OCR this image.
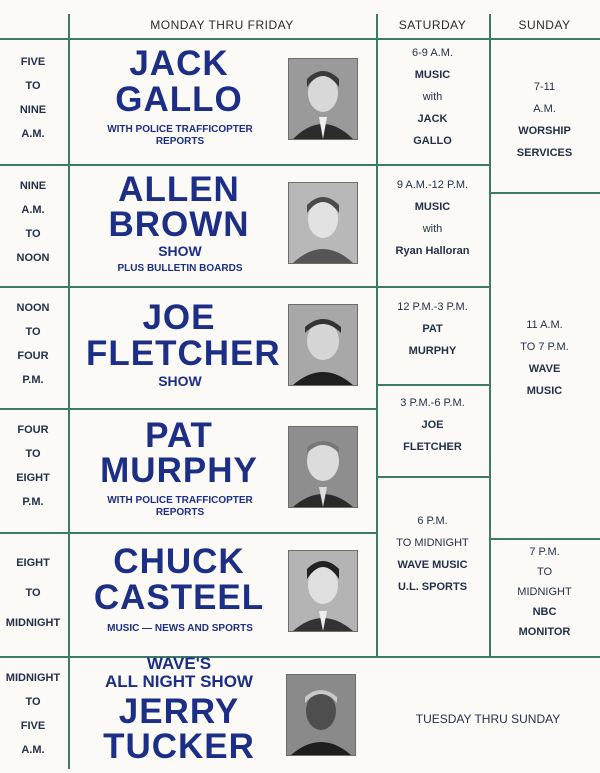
MONDAY THRU FRIDAY	SATURDAY	SUNDAY
FIVE
TO
NINE
A.M.
JACK
GALLO
WITH POLICE TRAFFICOPTER REPORTS
NINE
A.M.
TO
NOON
ALLEN
BROWN
SHOW
PLUS BULLETIN BOARDS
NOON
TO
FOUR
P.M.
JOE
FLETCHER
SHOW
FOUR
TO
EIGHT
P.M.
PAT
MURPHY
WITH POLICE TRAFFICOPTER REPORTS
EIGHT
TO
MIDNIGHT
CHUCK
CASTEEL
MUSIC — NEWS AND SPORTS
MIDNIGHT
TO
FIVE
A.M.
WAVE'S
ALL NIGHT SHOW
JERRY
TUCKER
6-9 A.M.
MUSIC
with
JACK
GALLO
9 A.M.-12 P.M.
MUSIC
with
Ryan Halloran
12 P.M.-3 P.M.
PAT
MURPHY
3 P.M.-6 P.M.
JOE
FLETCHER
6 P.M.
TO MIDNIGHT
WAVE MUSIC
U.L. SPORTS
7-11
A.M.
WORSHIP
SERVICES
11 A.M.
TO 7 P.M.
WAVE
MUSIC
7 P.M.
TO
MIDNIGHT
NBC
MONITOR
TUESDAY THRU SUNDAY
